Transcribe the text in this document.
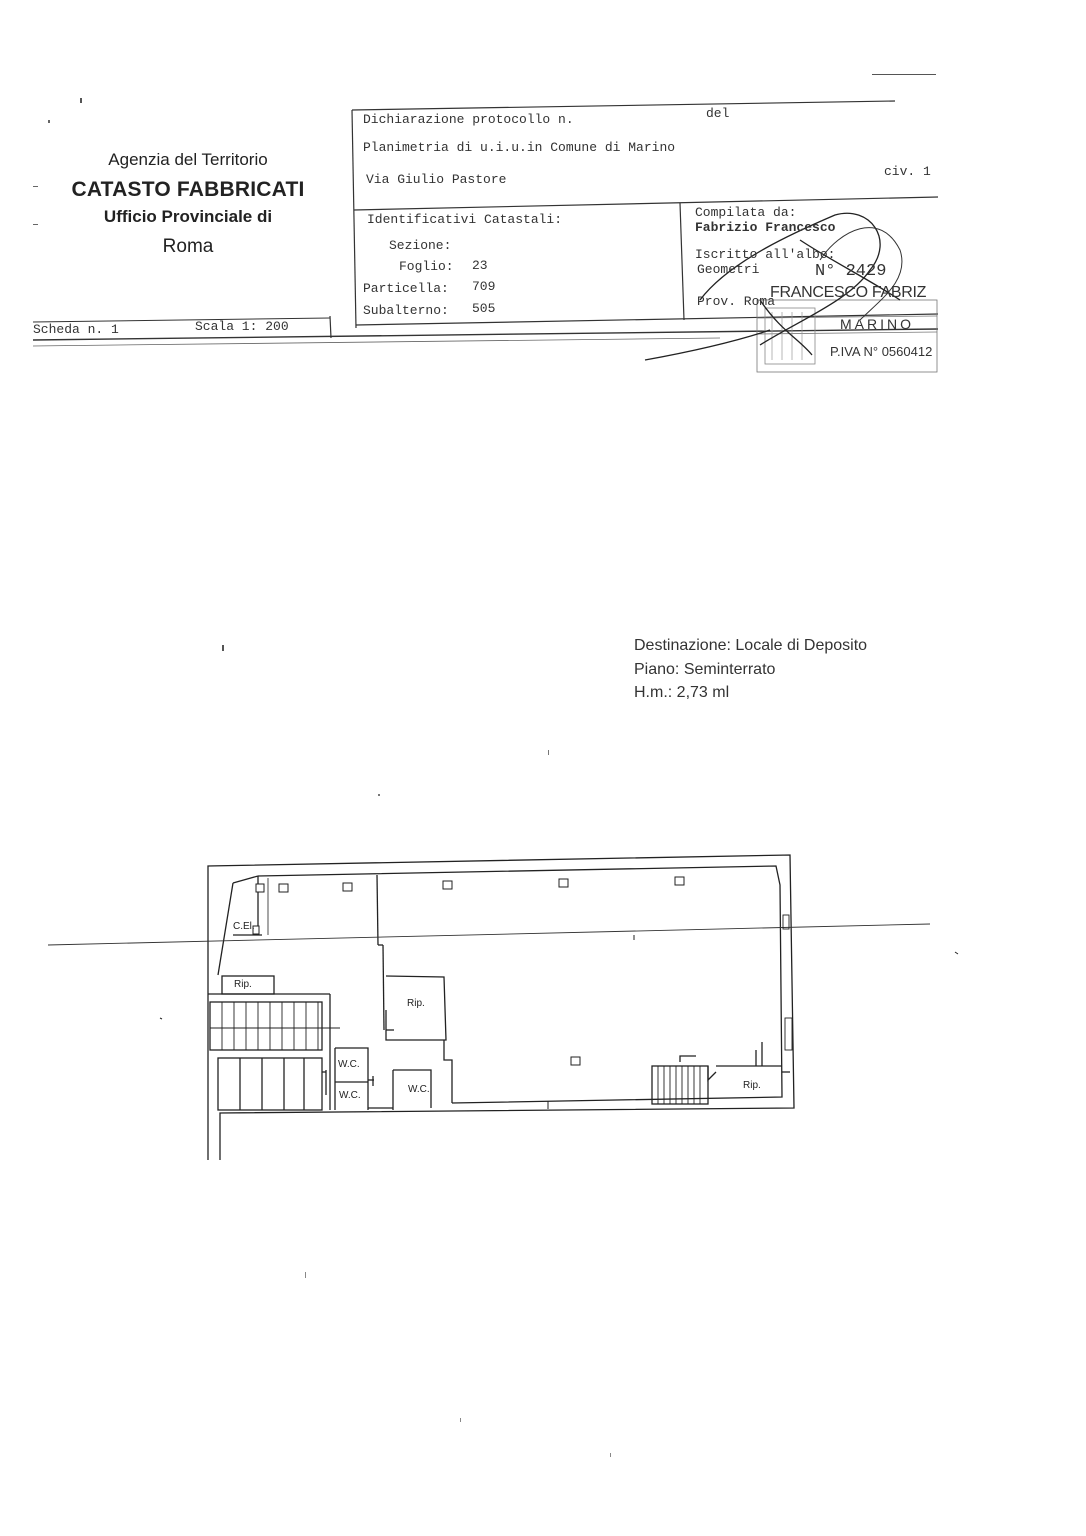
Agenzia del Territorio
CATASTO FABBRICATI
Ufficio Provinciale di
Roma
Dichiarazione protocollo n.	del
Planimetria di u.i.u.in Comune di Marino
Via Giulio Pastore
civ. 1
Identificativi Catastali:
Sezione:
Foglio: 23
Particella: 709
Subalterno: 505
Compilata da:
Fabrizio Francesco
Iscritto all'albo:
Geometri	N° 2429
Prov. Roma
FRANCESCO FABRIZ
MARINO
P.IVA N° 0560412
Scheda n. 1	Scala 1: 200
Destinazione: Locale di Deposito
Piano: Seminterrato
H.m.: 2,73 ml
C.El.
Rip.
Rip.
Rip.
W.C.
W.C.
W.C.
